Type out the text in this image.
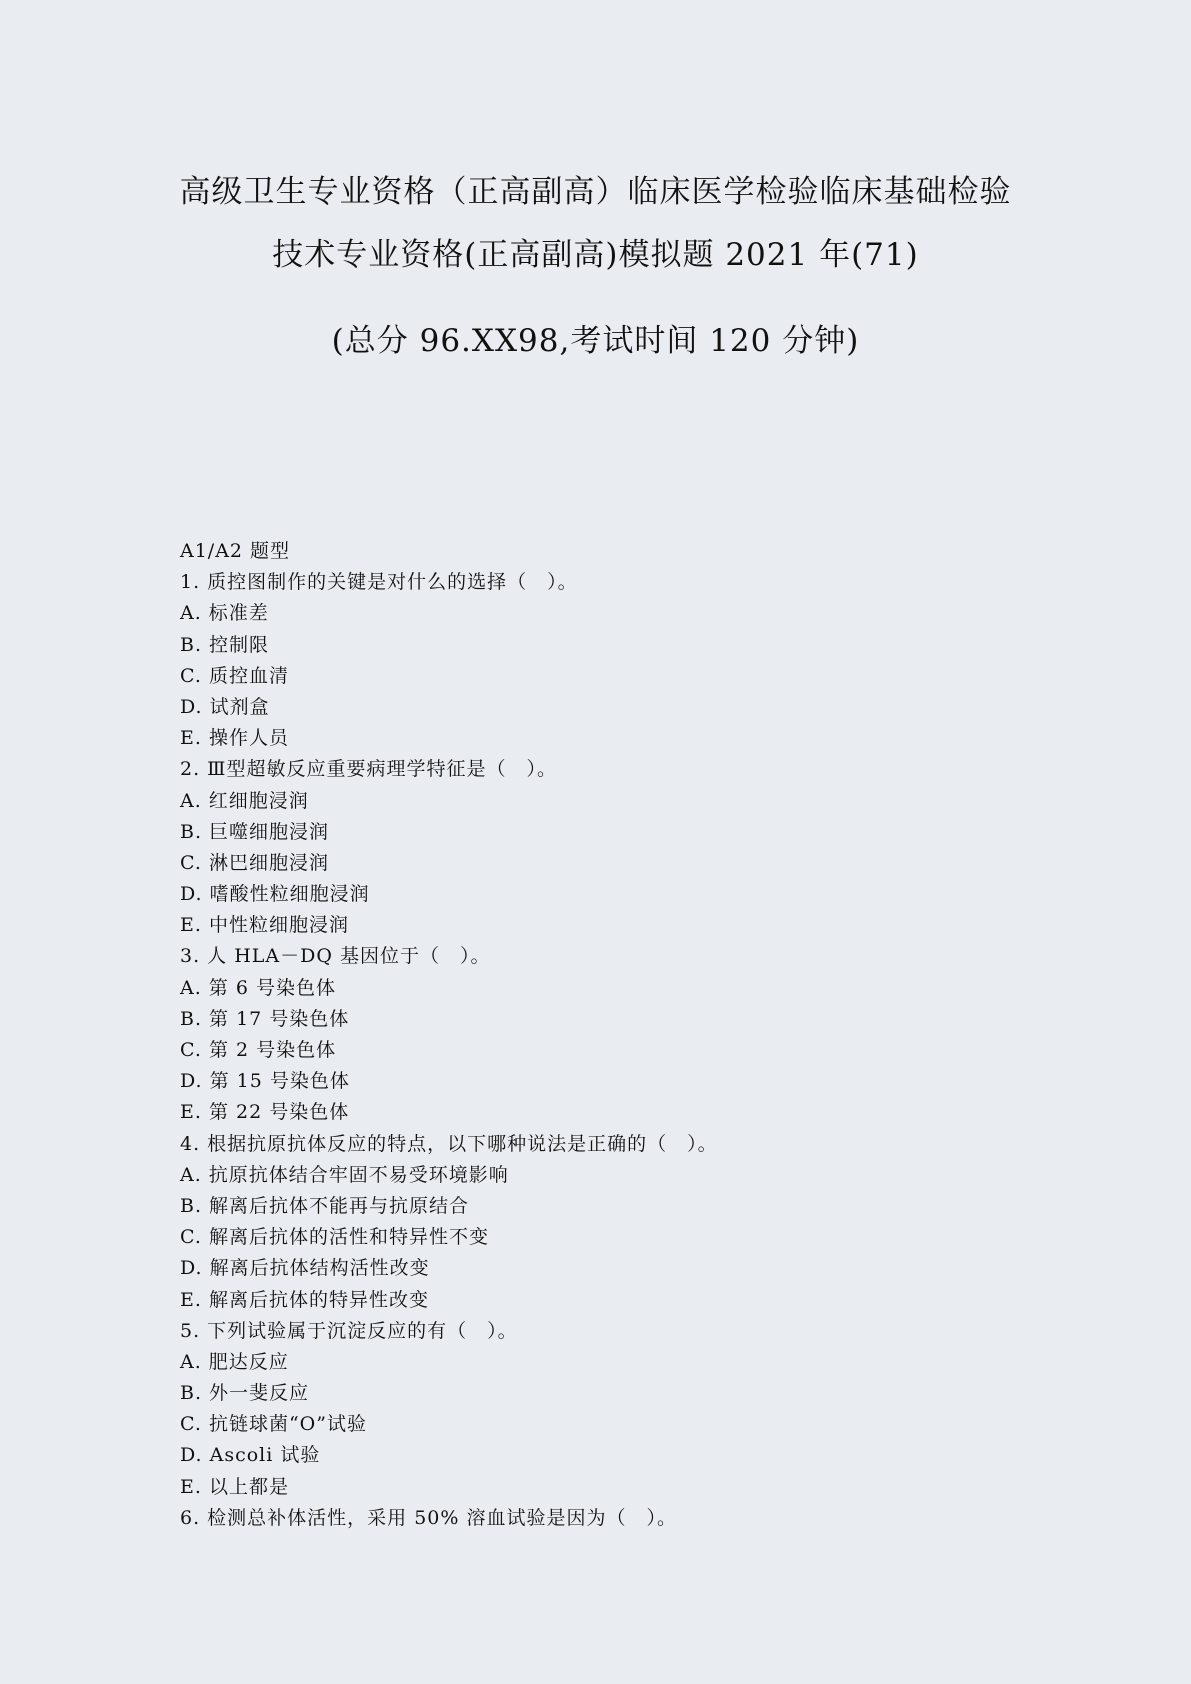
高级卫生专业资格（正高副高）临床医学检验临床基础检验
技术专业资格(正高副高)模拟题 2021 年(71)
(总分 96.XX98,考试时间 120 分钟)
A1/A2 题型
1. 质控图制作的关键是对什么的选择（　）。
A. 标准差
B. 控制限
C. 质控血清
D. 试剂盒
E. 操作人员
2. Ⅲ型超敏反应重要病理学特征是（　）。
A. 红细胞浸润
B. 巨噬细胞浸润
C. 淋巴细胞浸润
D. 嗜酸性粒细胞浸润
E. 中性粒细胞浸润
3. 人 HLA－DQ 基因位于（　）。
A. 第 6 号染色体
B. 第 17 号染色体
C. 第 2 号染色体
D. 第 15 号染色体
E. 第 22 号染色体
4. 根据抗原抗体反应的特点，以下哪种说法是正确的（　）。
A. 抗原抗体结合牢固不易受环境影响
B. 解离后抗体不能再与抗原结合
C. 解离后抗体的活性和特异性不变
D. 解离后抗体结构活性改变
E. 解离后抗体的特异性改变
5. 下列试验属于沉淀反应的有（　）。
A. 肥达反应
B. 外一斐反应
C. 抗链球菌“O”试验
D. Ascoli 试验
E. 以上都是
6. 检测总补体活性，采用 50% 溶血试验是因为（　）。
